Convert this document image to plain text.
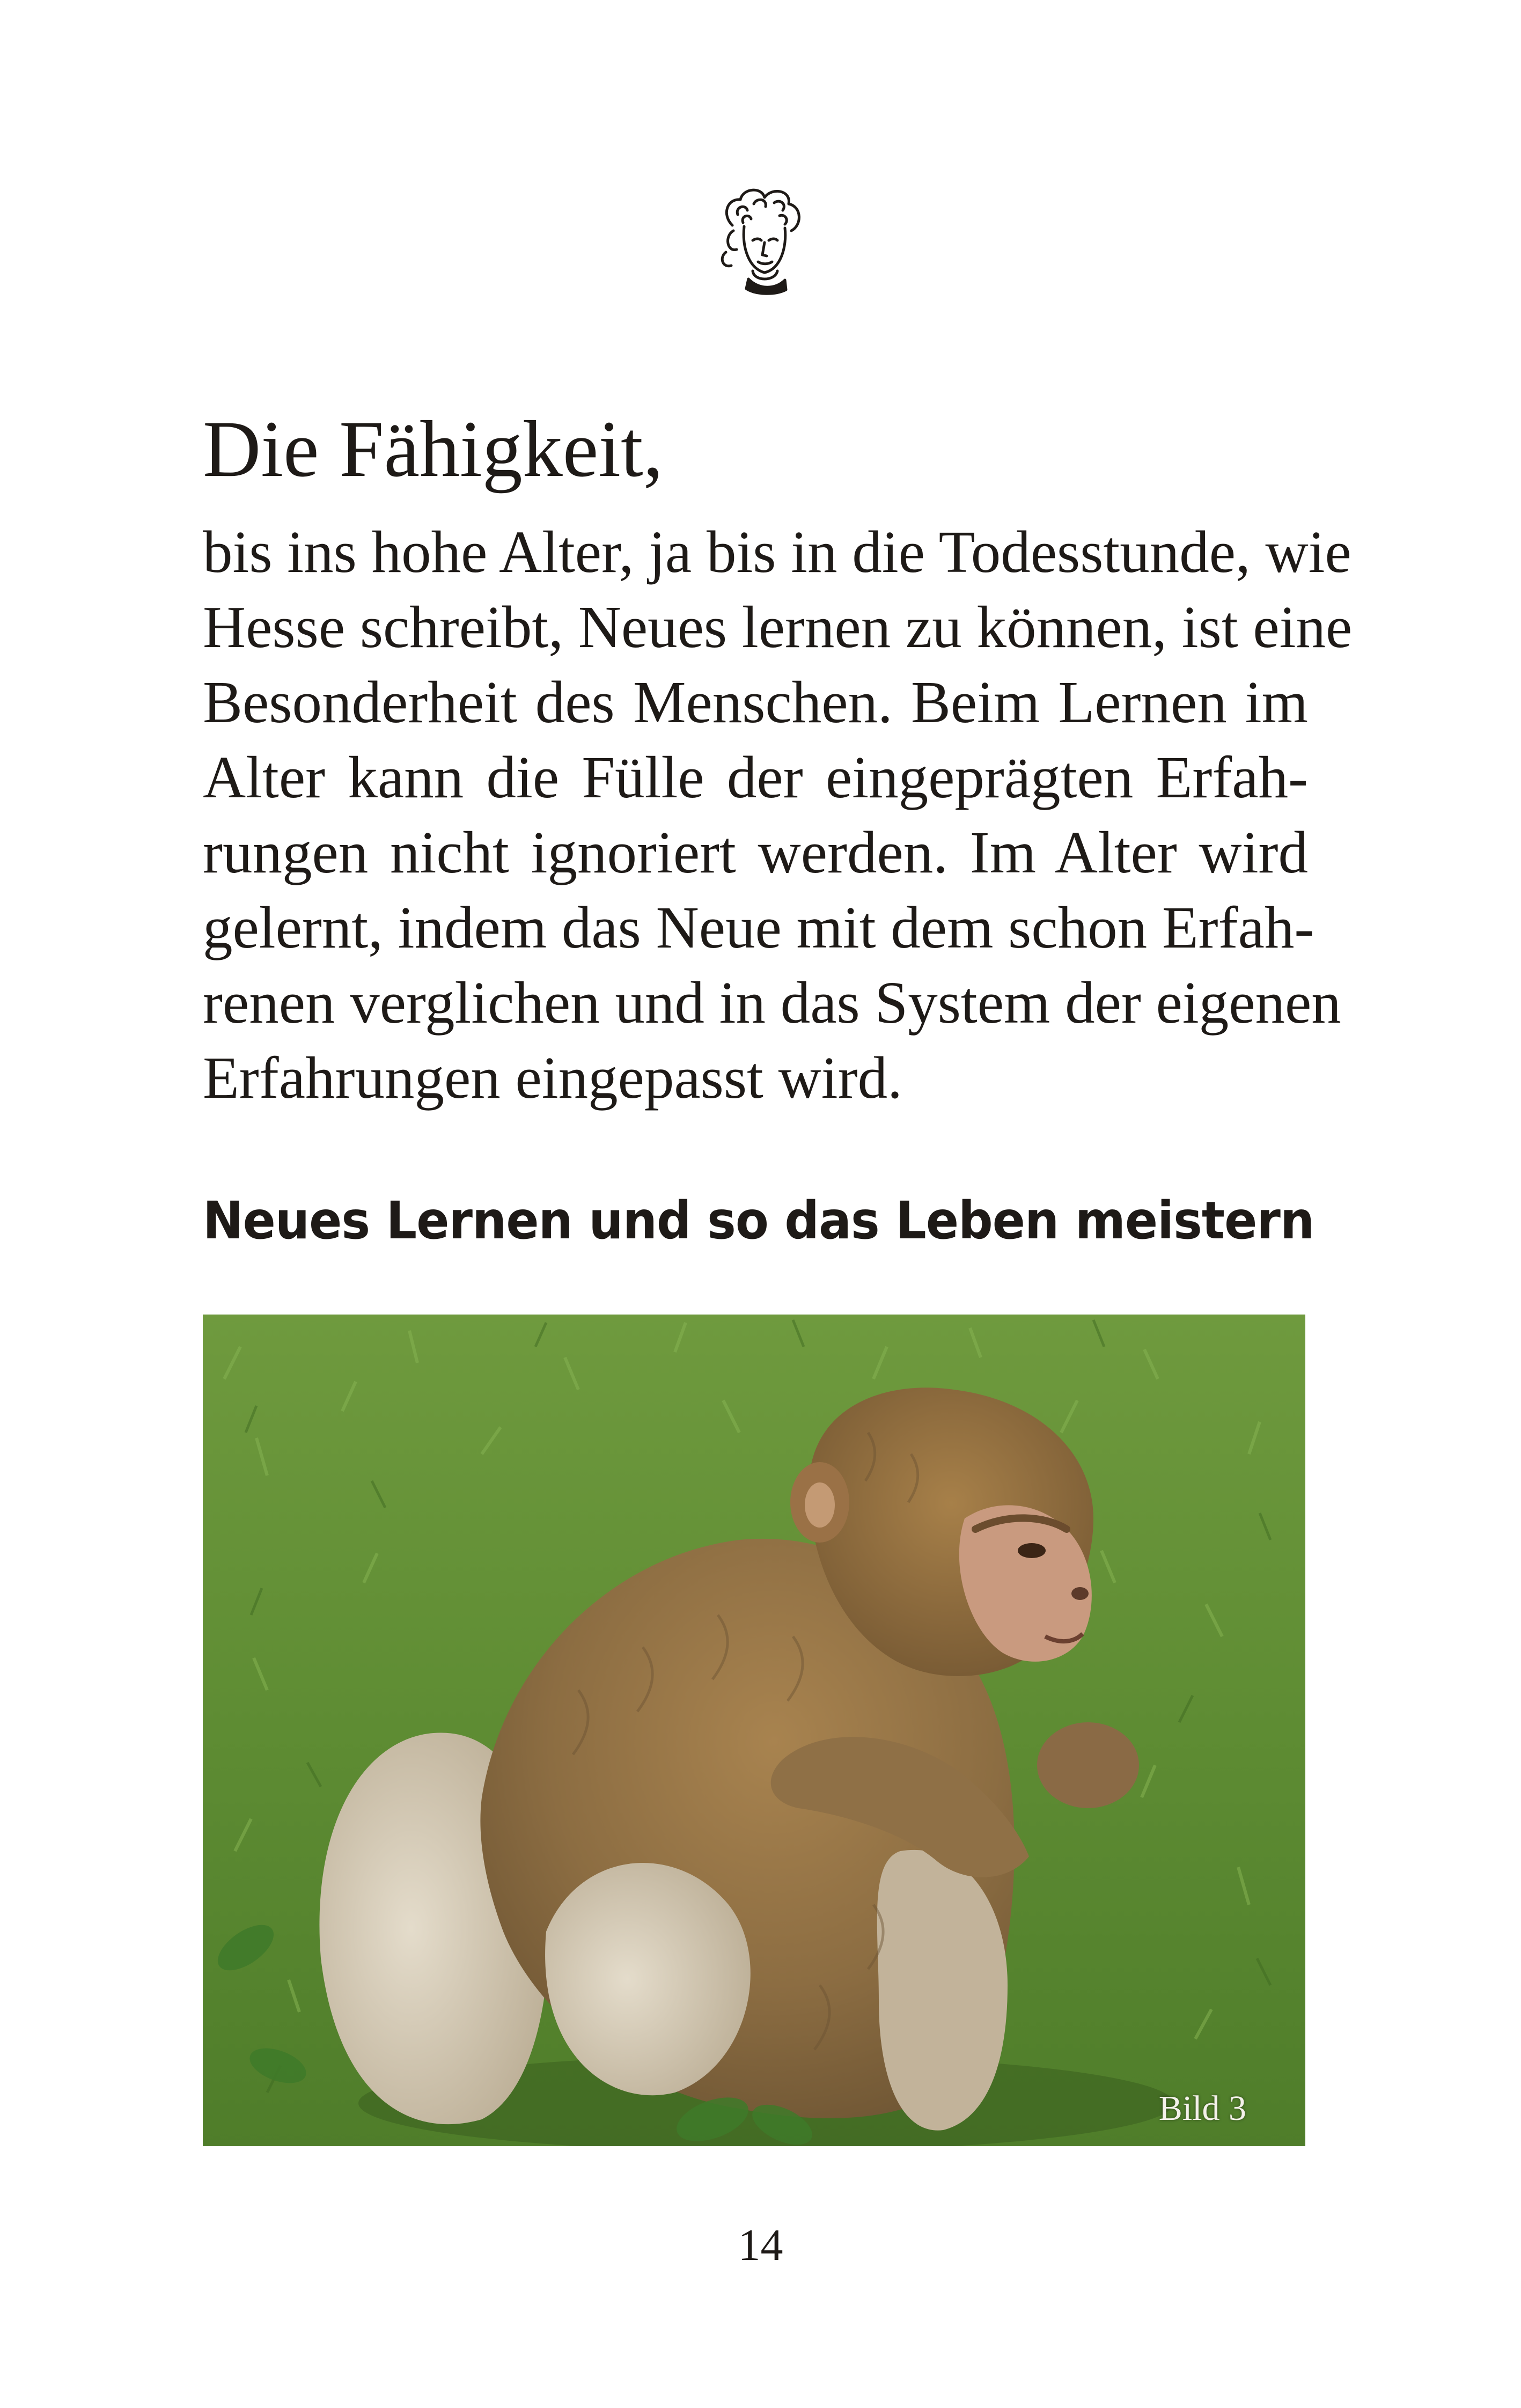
Die Fähigkeit,
bis ins hohe Alter, ja bis in die Todesstunde, wie
Hesse schreibt, Neues lernen zu können, ist eine
Besonderheit des Menschen. Beim Lernen im
Alter kann die Fülle der eingeprägten Erfah-
rungen nicht ignoriert werden. Im Alter wird
gelernt, indem das Neue mit dem schon Erfah-
renen verglichen und in das System der eigenen
Erfahrungen eingepasst wird.
Neues Lernen und so das Leben meistern
Bild 3
14
